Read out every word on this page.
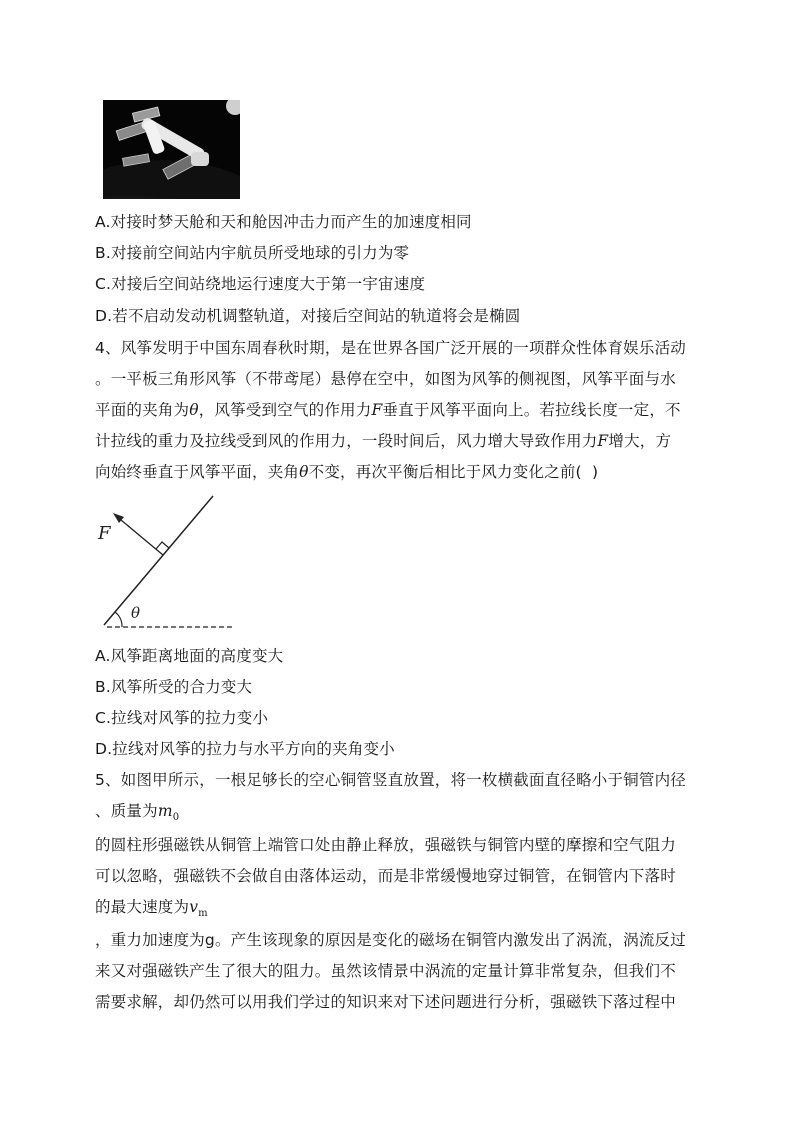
A.对接时梦天舱和天和舱因冲击力而产生的加速度相同
B.对接前空间站内宇航员所受地球的引力为零
C.对接后空间站绕地运行速度大于第一宇宙速度
D.若不启动发动机调整轨道，对接后空间站的轨道将会是椭圆
4、风筝发明于中国东周春秋时期，是在世界各国广泛开展的一项群众性体育娱乐活动
。一平板三角形风筝（不带鸢尾）悬停在空中，如图为风筝的侧视图，风筝平面与水
平面的夹角为θ，风筝受到空气的作用力F垂直于风筝平面向上。若拉线长度一定，不
计拉线的重力及拉线受到风的作用力，一段时间后，风力增大导致作用力F增大，方
向始终垂直于风筝平面，夹角θ不变，再次平衡后相比于风力变化之前(  )
F
θ
A.风筝距离地面的高度变大
B.风筝所受的合力变大
C.拉线对风筝的拉力变小
D.拉线对风筝的拉力与水平方向的夹角变小
5、如图甲所示，一根足够长的空心铜管竖直放置，将一枚横截面直径略小于铜管内径
、质量为$m_0$
的圆柱形强磁铁从铜管上端管口处由静止释放，强磁铁与铜管内壁的摩擦和空气阻力
可以忽略，强磁铁不会做自由落体运动，而是非常缓慢地穿过铜管，在铜管内下落时
的最大速度为$v_m$
，重力加速度为g。产生该现象的原因是变化的磁场在铜管内激发出了涡流，涡流反过
来又对强磁铁产生了很大的阻力。虽然该情景中涡流的定量计算非常复杂，但我们不
需要求解，却仍然可以用我们学过的知识来对下述问题进行分析，强磁铁下落过程中
